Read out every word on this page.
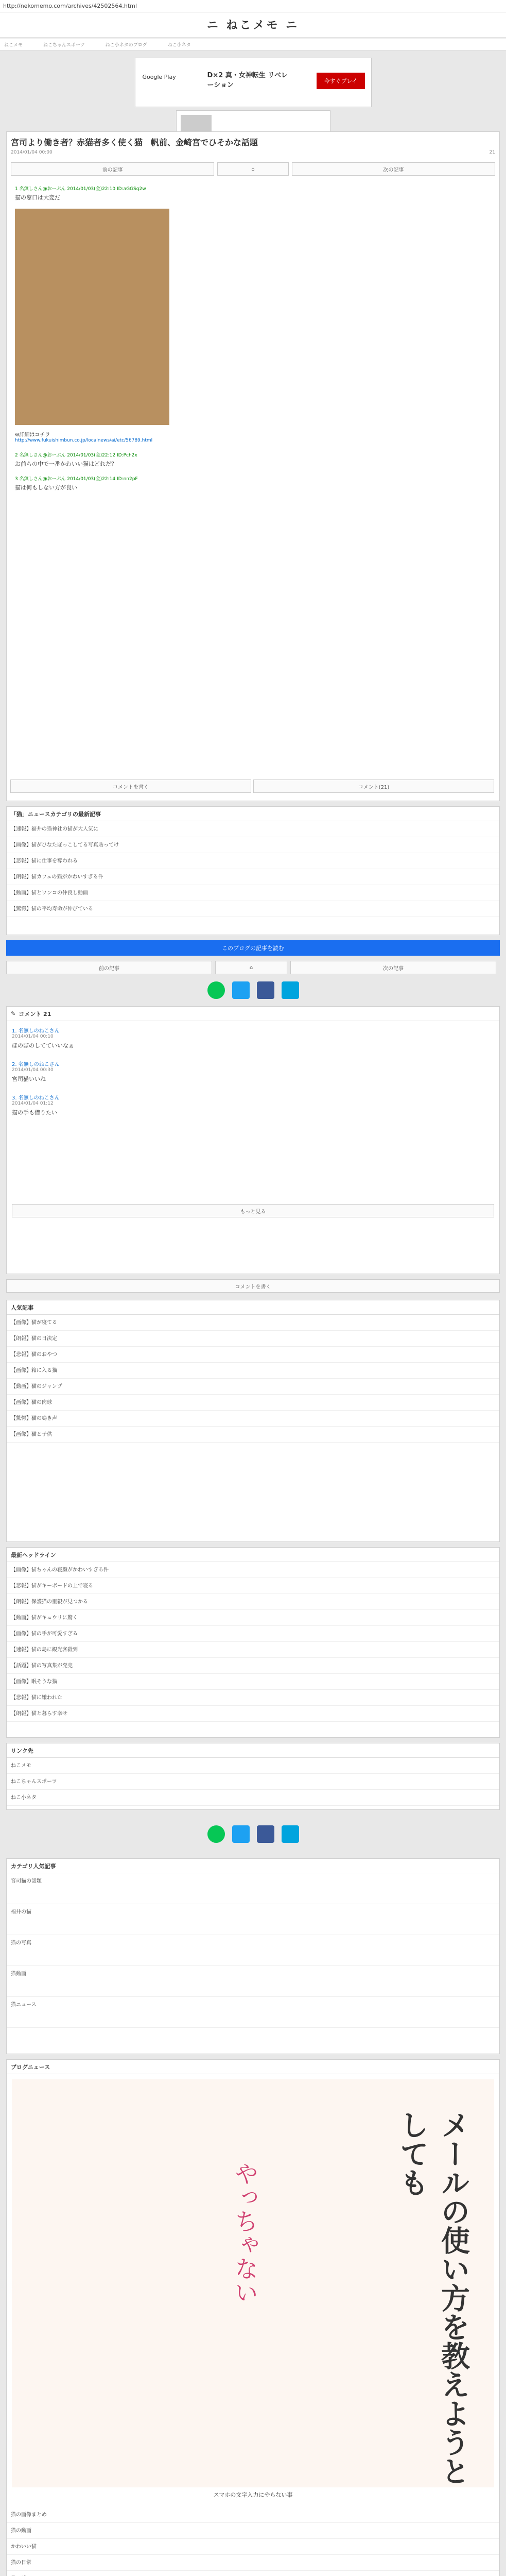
http://nekomemo.com/archives/42502564.html
ニ ねこメモ ニ
ねこメモ	ねこちゃんスポーツ	ねこ小ネタのブログ	ねこ小ネタ
Google Play	D×2 真・女神転生 リベレーション
今すぐプレイ
宮司より働き者？赤猫者多く使く猫　帆前、金崎宮でひそかな話題
2014/01/04 00:00	21
前の記事	⌂	次の記事
1 名無しさん@おーぷん 2014/01/03(金)22:10 ID:aGGSq2w
猫の窓口は大変だ
※詳細はコチラ
http://www.fukuishimbun.co.jp/localnews/ai/etc/56789.html
2 名無しさん@おーぷん 2014/01/03(金)22:12 ID:Pch2x
お前らの中で一番かわいい猫はどれだ？
3 名無しさん@おーぷん 2014/01/03(金)22:14 ID:nn2pF
猫は何もしない方が良い
コメントを書く	コメント(21)
「猫」ニュースカテゴリの最新記事
【速報】福井の猫神社の猫が大人気に
【画像】猫がひなたぼっこしてる写真貼ってけ
【悲報】猫に仕事を奪われる
【朗報】猫カフェの猫がかわいすぎる件
【動画】猫とワンコの仲良し動画
【驚愕】猫の平均寿命が伸びている
このブログの記事を読む
前の記事	⌂	次の記事
✎ コメント 21
1. 名無しのねこさん
2014/01/04 00:10
ほのぼのしてていいなぁ
2. 名無しのねこさん
2014/01/04 00:30
宮司猫いいね
3. 名無しのねこさん
2014/01/04 01:12
猫の手も借りたい
もっと見る
コメントを書く
人気記事
【画像】猫が寝てる
【朗報】猫の日決定
【悲報】猫のおやつ
【画像】箱に入る猫
【動画】猫のジャンプ
【画像】猫の肉球
【驚愕】猫の鳴き声
【画像】猫と子供
最新ヘッドライン
【画像】猫ちゃんの寝顔がかわいすぎる件
【悲報】猫がキーボードの上で寝る
【朗報】保護猫の里親が見つかる
【動画】猫がキュウリに驚く
【画像】猫の手が可愛すぎる
【速報】猫の島に観光客殺到
【話題】猫の写真集が発売
【画像】眠そうな猫
【悲報】猫に嫌われた
【朗報】猫と暮らす幸せ
リンク先
ねこメモ
ねこちゃんスポーツ
ねこ小ネタ
カテゴリ人気記事
宮司猫の話題
福井の猫
猫の写真
猫動画
猫ニュース
ブログニュース
メールの使い方を教えようとしても
やっちゃない
スマホの文字入力にやらない事
猫の画像まとめ
猫の動画
かわいい猫
猫の日常
